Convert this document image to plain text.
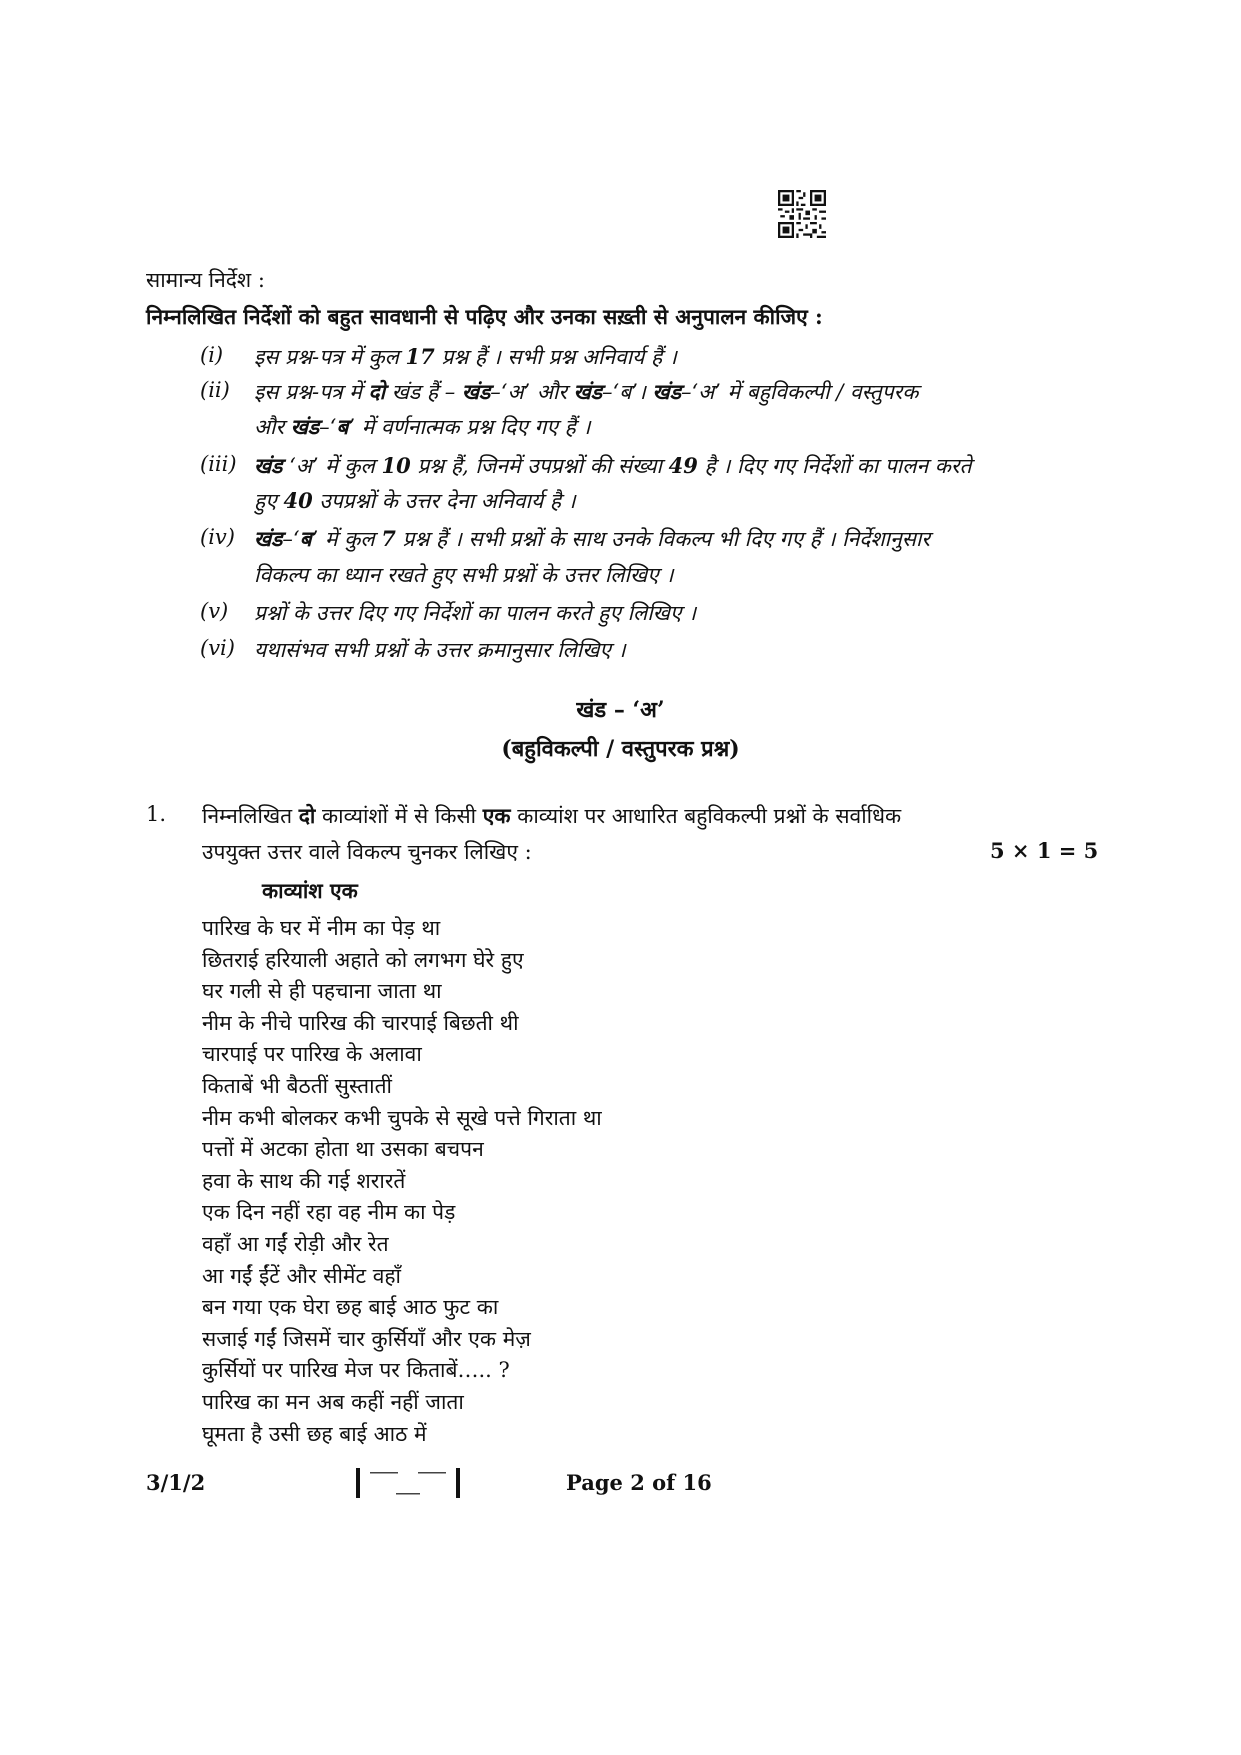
सामान्य निर्देश :
निम्नलिखित निर्देशों को बहुत सावधानी से पढ़िए और उनका सख़्ती से अनुपालन कीजिए :
(i) इस प्रश्न-पत्र में कुल 17 प्रश्न हैं । सभी प्रश्न अनिवार्य हैं ।
(ii) इस प्रश्न-पत्र में दो खंड हैं – खंड–‘अ’ और खंड–‘ब’। खंड–‘अ’ में बहुविकल्पी / वस्तुपरक
और खंड–‘ब’ में वर्णनात्मक प्रश्न दिए गए हैं ।
(iii) खंड ‘अ’ में कुल 10 प्रश्न हैं, जिनमें उपप्रश्नों की संख्या 49 है । दिए गए निर्देशों का पालन करते
हुए 40 उपप्रश्नों के उत्तर देना अनिवार्य है ।
(iv) खंड–‘ब’ में कुल 7 प्रश्न हैं । सभी प्रश्नों के साथ उनके विकल्प भी दिए गए हैं । निर्देशानुसार
विकल्प का ध्यान रखते हुए सभी प्रश्नों के उत्तर लिखिए ।
(v) प्रश्नों के उत्तर दिए गए निर्देशों का पालन करते हुए लिखिए ।
(vi) यथासंभव सभी प्रश्नों के उत्तर क्रमानुसार लिखिए ।
खंड – ‘अ’
(बहुविकल्पी / वस्तुपरक प्रश्न)
1. निम्नलिखित दो काव्यांशों में से किसी एक काव्यांश पर आधारित बहुविकल्पी प्रश्नों के सर्वाधिक
उपयुक्त उत्तर वाले विकल्प चुनकर लिखिए :	5 × 1 = 5
काव्यांश एक
पारिख के घर में नीम का पेड़ था
छितराई हरियाली अहाते को लगभग घेरे हुए
घर गली से ही पहचाना जाता था
नीम के नीचे पारिख की चारपाई बिछती थी
चारपाई पर पारिख के अलावा
किताबें भी बैठतीं सुस्तातीं
नीम कभी बोलकर कभी चुपके से सूखे पत्ते गिराता था
पत्तों में अटका होता था उसका बचपन
हवा के साथ की गई शरारतें
एक दिन नहीं रहा वह नीम का पेड़
वहाँ आ गईं रोड़ी और रेत
आ गईं ईंटें और सीमेंट वहाँ
बन गया एक घेरा छह बाई आठ फुट का
सजाई गईं जिसमें चार कुर्सियाँ और एक मेज़
कुर्सियों पर पारिख मेज पर किताबें….. ?
पारिख का मन अब कहीं नहीं जाता
घूमता है उसी छह बाई आठ में
3/1/2	Page 2 of 16
